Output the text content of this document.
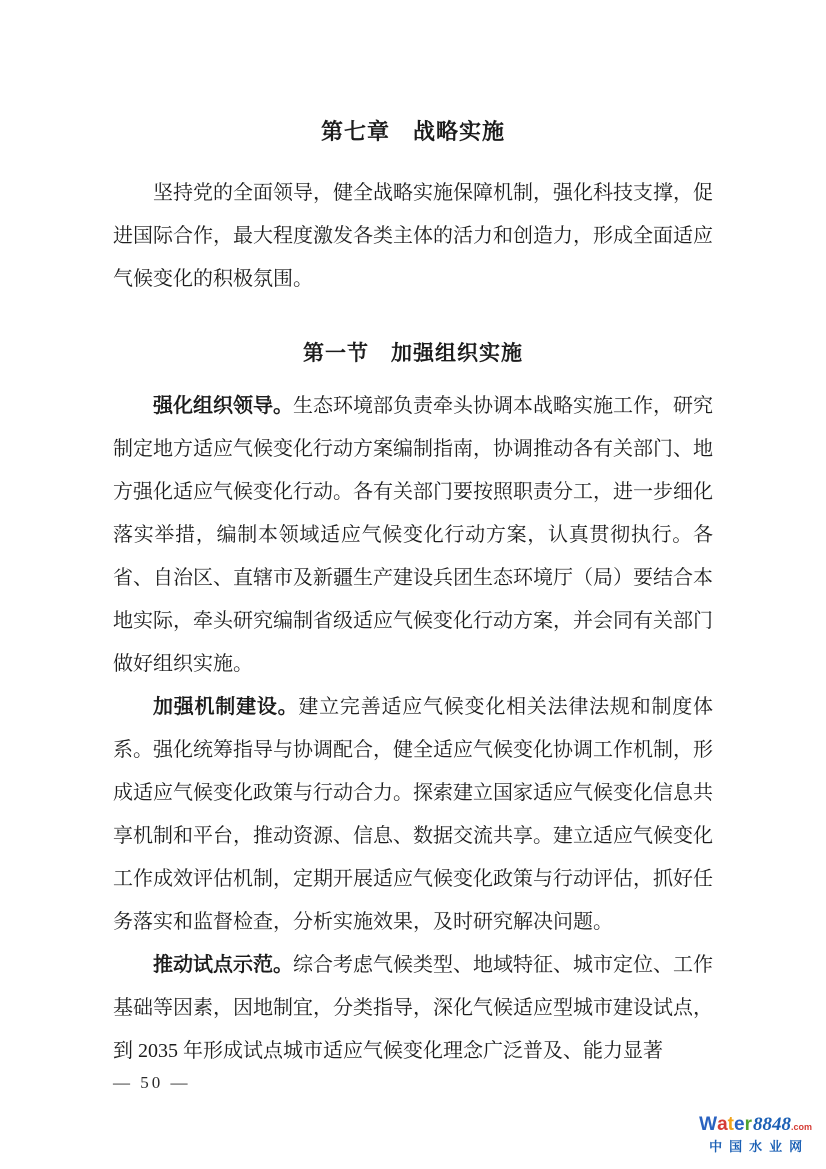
第七章　战略实施

坚持党的全面领导，健全战略实施保障机制，强化科技支撑，促进国际合作，最大程度激发各类主体的活力和创造力，形成全面适应气候变化的积极氛围。

第一节　加强组织实施

强化组织领导。生态环境部负责牵头协调本战略实施工作，研究制定地方适应气候变化行动方案编制指南，协调推动各有关部门、地方强化适应气候变化行动。各有关部门要按照职责分工，进一步细化落实举措，编制本领域适应气候变化行动方案，认真贯彻执行。各省、自治区、直辖市及新疆生产建设兵团生态环境厅（局）要结合本地实际，牵头研究编制省级适应气候变化行动方案，并会同有关部门做好组织实施。

加强机制建设。建立完善适应气候变化相关法律法规和制度体系。强化统筹指导与协调配合，健全适应气候变化协调工作机制，形成适应气候变化政策与行动合力。探索建立国家适应气候变化信息共享机制和平台，推动资源、信息、数据交流共享。建立适应气候变化工作成效评估机制，定期开展适应气候变化政策与行动评估，抓好任务落实和监督检查，分析实施效果，及时研究解决问题。

推动试点示范。综合考虑气候类型、地域特征、城市定位、工作基础等因素，因地制宜，分类指导，深化气候适应型城市建设试点，到 2035 年形成试点城市适应气候变化理念广泛普及、能力显著

— 50 —
Water8848.com
中国水业网
